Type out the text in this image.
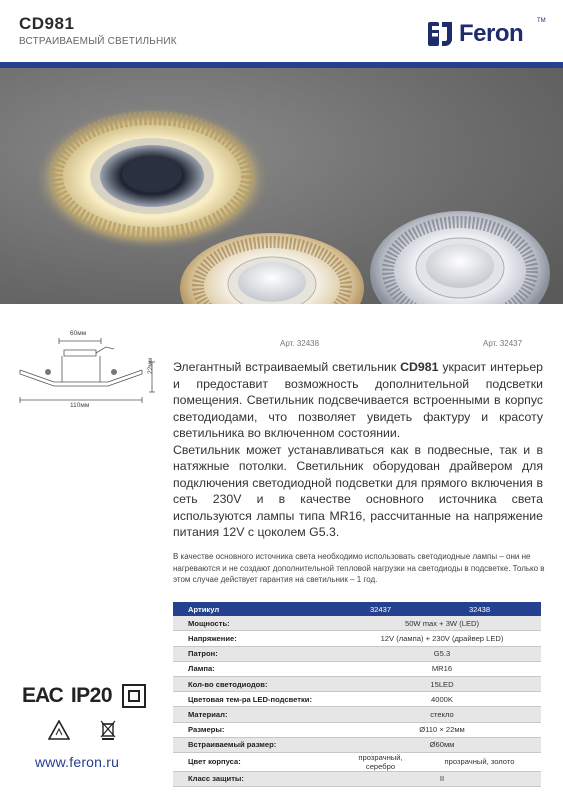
CD981
ВСТРАИВАЕМЫЙ СВЕТИЛЬНИК	Feron TM
Арт. 32438	Арт. 32437
60мм
22мм
110мм

Элегантный встраиваемый светильник CD981 украсит интерьер и предоставит возможность дополнительной подсветки помещения. Светильник подсвечивается встроенными в корпус светодиодами, что позволяет увидеть фактуру и красоту светильника во включенном состоянии.

Светильник может устанавливаться как в подвесные, так и в натяжные потолки. Светильник оборудован драйвером для подключения светодиодной подсветки для прямого включения в сеть 230V и в качестве основного источника света используются лампы типа MR16, рассчитанные на напряжение питания 12V с цоколем G5.3.

В качестве основного источника света необходимо использовать светодиодные лампы – они не нагреваются и не создают дополнительной тепловой нагрузки на светодиоды в подсветке. Только в этом случае действует гарантия на светильник – 1 год.
Артикул	32437	32438
Мощность:	50W max + 3W (LED)	
Напряжение:	12V (лампа) + 230V (драйвер LED)	
Патрон:	G5.3	
Лампа:	MR16	
Кол-во светодиодов:	15LED	
Цветовая тем-ра LED-подсветки:	4000K	
Материал:	стекло	
Размеры:	Ø110 × 22мм	
Встраиваемый размер:	Ø60мм	
Цвет корпуса:	прозрачный, серебро	прозрачный, золото
Класс защиты:	II	
ЕАС IP20
www.feron.ru
